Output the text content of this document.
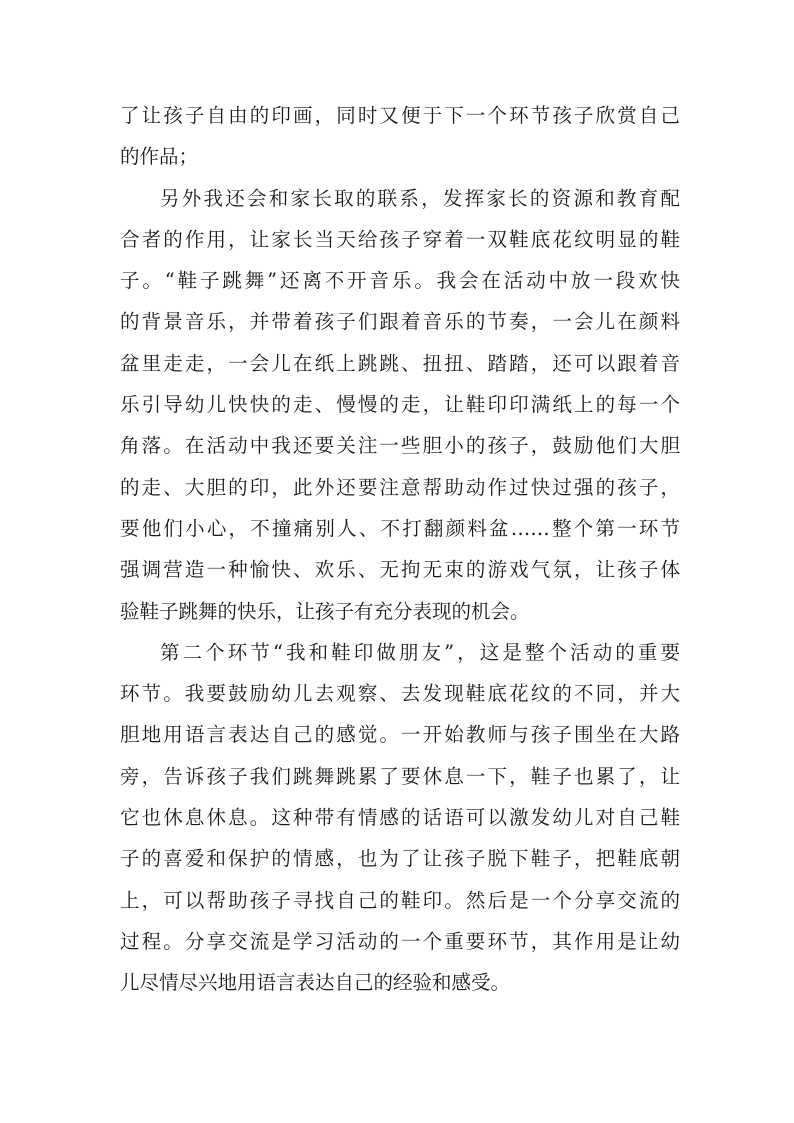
了让孩子自由的印画，同时又便于下一个环节孩子欣赏自己
的作品；
另外我还会和家长取的联系，发挥家长的资源和教育配
合者的作用，让家长当天给孩子穿着一双鞋底花纹明显的鞋
子。“鞋子跳舞”还离不开音乐。我会在活动中放一段欢快
的背景音乐，并带着孩子们跟着音乐的节奏，一会儿在颜料
盆里走走，一会儿在纸上跳跳、扭扭、踏踏，还可以跟着音
乐引导幼儿快快的走、慢慢的走，让鞋印印满纸上的每一个
角落。在活动中我还要关注一些胆小的孩子，鼓励他们大胆
的走、大胆的印，此外还要注意帮助动作过快过强的孩子，
要他们小心，不撞痛别人、不打翻颜料盆……整个第一环节
强调营造一种愉快、欢乐、无拘无束的游戏气氛，让孩子体
验鞋子跳舞的快乐，让孩子有充分表现的机会。
第二个环节“我和鞋印做朋友”，这是整个活动的重要
环节。我要鼓励幼儿去观察、去发现鞋底花纹的不同，并大
胆地用语言表达自己的感觉。一开始教师与孩子围坐在大路
旁，告诉孩子我们跳舞跳累了要休息一下，鞋子也累了，让
它也休息休息。这种带有情感的话语可以激发幼儿对自己鞋
子的喜爱和保护的情感，也为了让孩子脱下鞋子，把鞋底朝
上，可以帮助孩子寻找自己的鞋印。然后是一个分享交流的
过程。分享交流是学习活动的一个重要环节，其作用是让幼
儿尽情尽兴地用语言表达自己的经验和感受。
